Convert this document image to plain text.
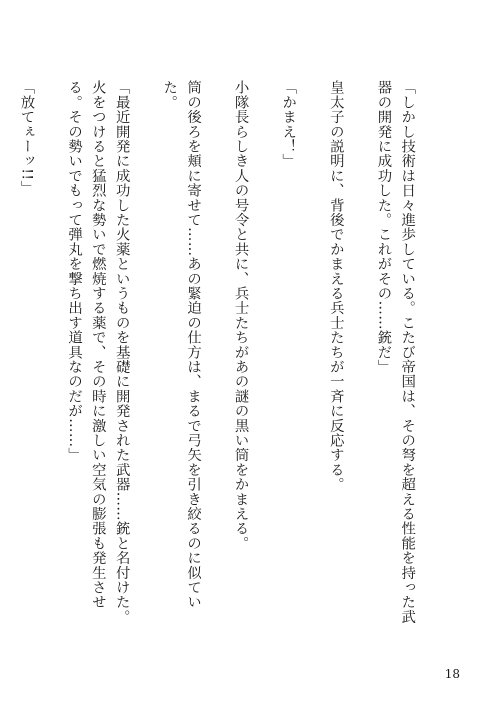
「しかし技術は日々進歩している。こたび帝国は、その弩を超える性能を持った武器の開発に成功した。これがその……銃だ」

皇太子の説明に、背後でかまえる兵士たちが一斉に反応する。

「かまえ！」

小隊長らしき人の号令と共に、兵士たちがあの謎の黒い筒をかまえる。

筒の後ろを頬に寄せて……あの緊迫の仕方は、まるで弓矢を引き絞るのに似ていた。

「最近開発に成功した火薬というものを基礎に開発された武器……銃と名付けた。火をつけると猛烈な勢いで燃焼する薬で、その時に激しい空気の膨張も発生させる。その勢いでもって弾丸を撃ち出す道具なのだが……」

「放てぇーッ!!」

18
